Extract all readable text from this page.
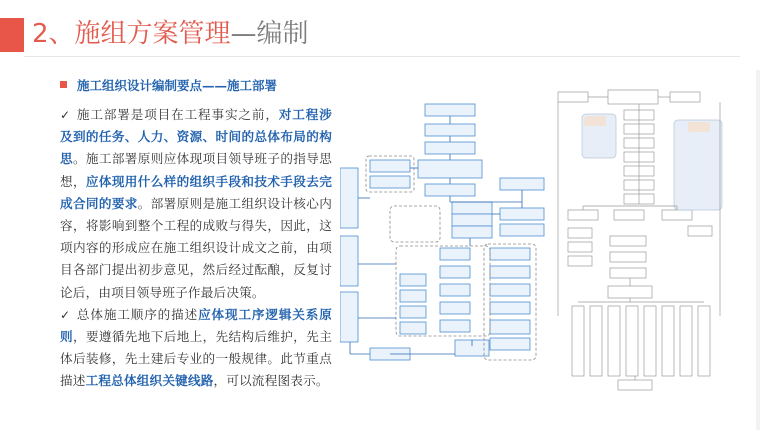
2、施组方案管理—编制
施工组织设计编制要点——施工部署

✓ 施工部署是项目在工程事实之前，对工程涉及到的任务、人力、资源、时间的总体布局的构思。施工部署原则应体现项目领导班子的指导思想，应体现用什么样的组织手段和技术手段去完成合同的要求。部署原则是施工组织设计核心内容，将影响到整个工程的成败与得失，因此，这项内容的形成应在施工组织设计成文之前，由项目各部门提出初步意见，然后经过酝酿，反复讨论后，由项目领导班子作最后决策。

✓ 总体施工顺序的描述应体现工序逻辑关系原则，要遵循先地下后地上，先结构后维护，先主体后装修，先土建后专业的一般规律。此节重点描述工程总体组织关键线路，可以流程图表示。
